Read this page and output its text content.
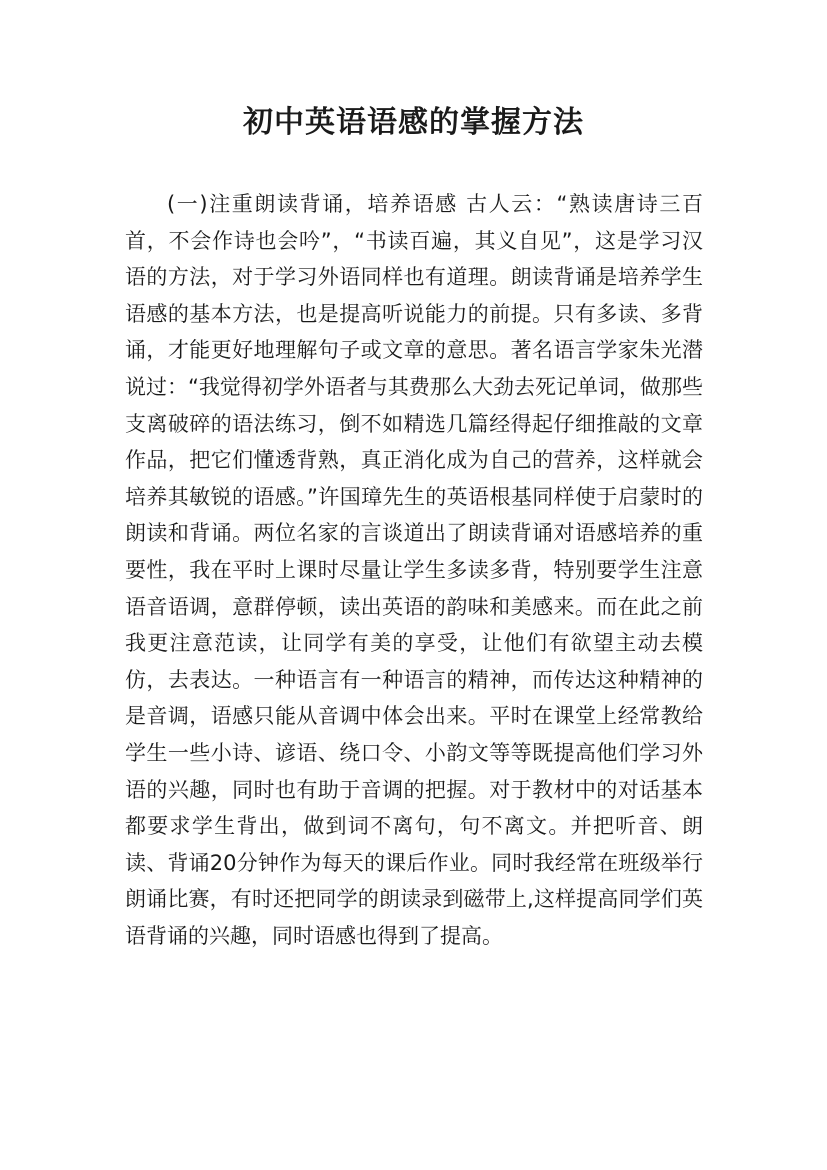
初中英语语感的掌握方法

(一)注重朗读背诵，培养语感 古人云：“熟读唐诗三百首，不会作诗也会吟”，“书读百遍，其义自见”，这是学习汉语的方法，对于学习外语同样也有道理。朗读背诵是培养学生语感的基本方法，也是提高听说能力的前提。只有多读、多背诵，才能更好地理解句子或文章的意思。著名语言学家朱光潜说过：“我觉得初学外语者与其费那么大劲去死记单词，做那些支离破碎的语法练习，倒不如精选几篇经得起仔细推敲的文章作品，把它们懂透背熟，真正消化成为自己的营养，这样就会培养其敏锐的语感。”许国璋先生的英语根基同样使于启蒙时的朗读和背诵。两位名家的言谈道出了朗读背诵对语感培养的重要性，我在平时上课时尽量让学生多读多背，特别要学生注意语音语调，意群停顿，读出英语的韵味和美感来。而在此之前我更注意范读，让同学有美的享受，让他们有欲望主动去模仿，去表达。一种语言有一种语言的精神，而传达这种精神的是音调，语感只能从音调中体会出来。平时在课堂上经常教给学生一些小诗、谚语、绕口令、小韵文等等既提高他们学习外语的兴趣，同时也有助于音调的把握。对于教材中的对话基本都要求学生背出，做到词不离句，句不离文。并把听音、朗读、背诵20分钟作为每天的课后作业。同时我经常在班级举行朗诵比赛，有时还把同学的朗读录到磁带上,这样提高同学们英语背诵的兴趣，同时语感也得到了提高。
